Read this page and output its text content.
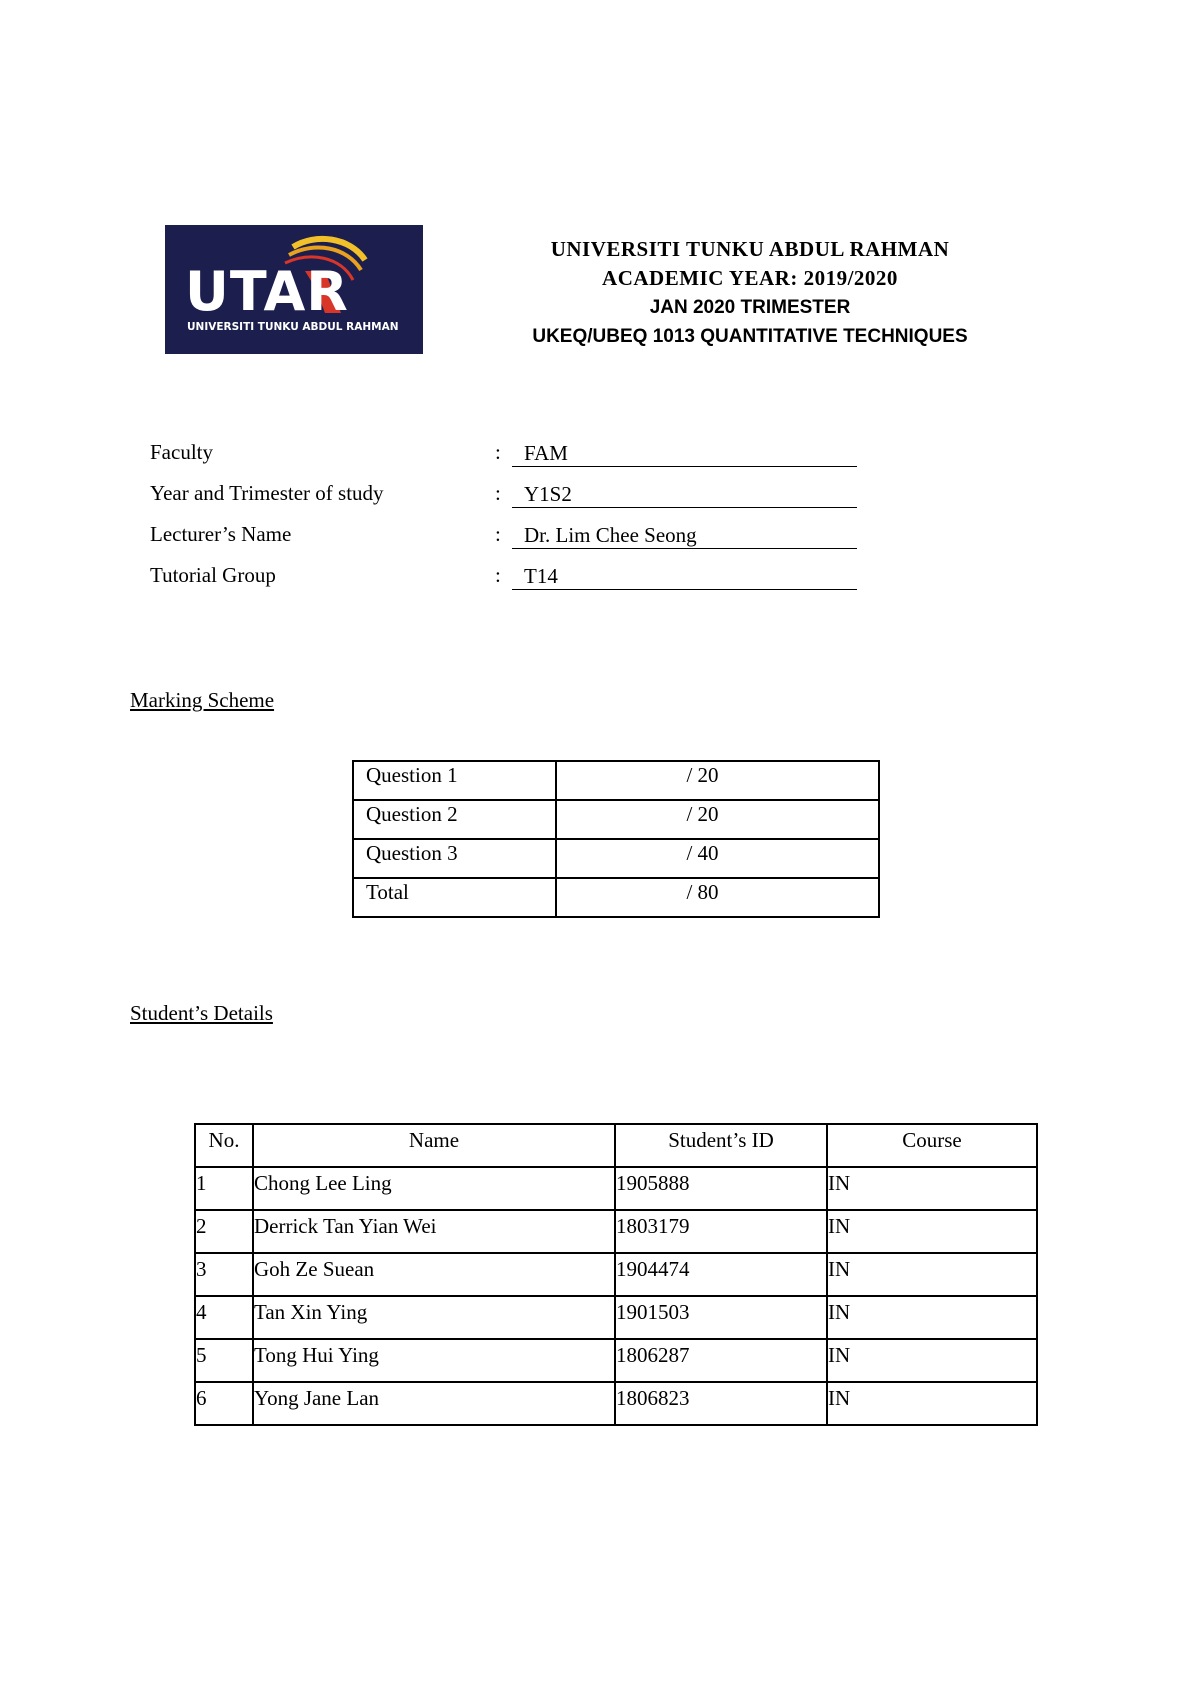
UTAR
UNIVERSITI TUNKU ABDUL RAHMAN
UNIVERSITI TUNKU ABDUL RAHMAN
ACADEMIC YEAR: 2019/2020
JAN 2020 TRIMESTER
UKEQ/UBEQ 1013 QUANTITATIVE TECHNIQUES
Faculty	:	FAM
Year and Trimester of study	:	Y1S2
Lecturer’s Name	:	Dr. Lim Chee Seong
Tutorial Group	:	T14
Marking Scheme
Question 1	/ 20
Question 2	/ 20
Question 3	/ 40
Total	/ 80
Student’s Details
No.	Name	Student’s ID	Course
1	Chong Lee Ling	1905888	IN
2	Derrick Tan Yian Wei	1803179	IN
3	Goh Ze Suean	1904474	IN
4	Tan Xin Ying	1901503	IN
5	Tong Hui Ying	1806287	IN
6	Yong Jane Lan	1806823	IN
